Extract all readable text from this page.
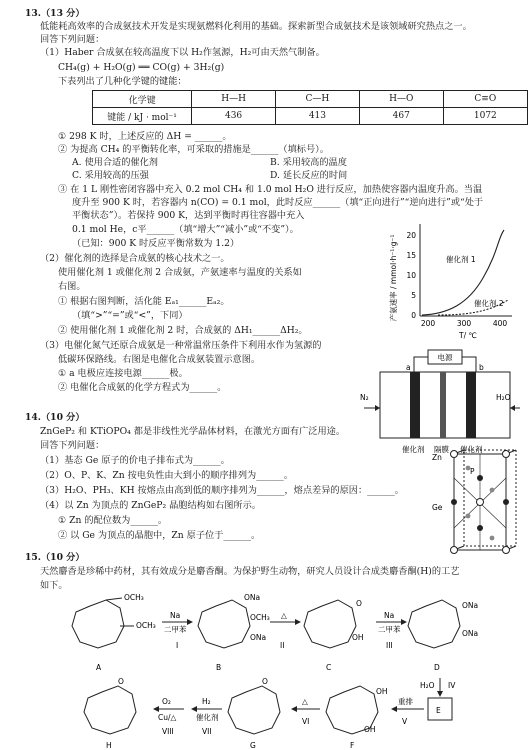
13.（13 分）
低能耗高效率的合成氨技术开发是实现氨燃料化利用的基础。探索新型合成氨技术是该领域研究热点之一。
回答下列问题：
（1）Haber 合成氨在较高温度下以 H₂作氢源，H₂可由天然气制备。
CH₄(g) + H₂O(g) ══ CO(g) + 3H₂(g)
下表列出了几种化学键的键能：
化学键	H—H	C—H	H—O	C≡O
键能 / kJ · mol⁻¹	436	413	467	1072
① 298 K 时，上述反应的 ΔH = ______。
② 为提高 CH₄ 的平衡转化率，可采取的措施是______（填标号）。
A. 使用合适的催化剂	B. 采用较高的温度
C. 采用较高的压强	D. 延长反应的时间
③ 在 1 L 刚性密闭容器中充入 0.2 mol CH₄ 和 1.0 mol H₂O 进行反应，加热使容器内温度升高。当温
度升至 900 K 时，若容器内 n(CO) = 0.1 mol，此时反应______（填“正向进行”“逆向进行”或“处于
平衡状态”）。若保持 900 K，达到平衡时再往容器中充入
0.1 mol He，c平______（填“增大”“减小”或“不变”）。
（已知：900 K 时反应平衡常数为 1.2）
（2）催化剂的选择是合成氨的核心技术之一。
使用催化剂 1 或催化剂 2 合成氨，产氨速率与温度的关系如
右图。
① 根据右图判断，活化能 Eₐ₁______Eₐ₂。
（填“>”“=”或“<”，下同）
② 使用催化剂 1 或催化剂 2 时，合成氨的 ΔH₁______ΔH₂。
（3）电催化氮气还原合成氨是一种常温常压条件下利用水作为氢源的
低碳环保路线。右图是电催化合成氨装置示意图。
① a 电极应连接电源______极。
② 电催化合成氨的化学方程式为______。
产氨速率 / mmol·h⁻¹·g⁻¹ 20
15
10
5
0
催化剂 1
催化剂 2
200	300	400
T/ ℃
电源
a	b
N₂	H₂O
催化剂 隔膜 催化剂
14.（10 分）
ZnGeP₂ 和 KTiOPO₄ 都是非线性光学晶体材料，在激光方面有广泛用途。
回答下列问题：
（1）基态 Ge 原子的价电子排布式为______。
（2）O、P、K、Zn 按电负性由大到小的顺序排列为______。
（3）H₂O、PH₃、KH 按熔点由高到低的顺序排列为______，熔点差异的原因：______。
（4）以 Zn 为顶点的 ZnGeP₂ 晶胞结构如右图所示。
① Zn 的配位数为______。
② 以 Ge 为顶点的晶胞中，Zn 原子位于______。
Zn
P
Ge
15.（10 分）
天然麝香是珍稀中药材，其有效成分是麝香酮。为保护野生动物，研究人员设计合成类麝香酮(H)的工艺
如下。
OCH₃
OCH₃
A
Na
二甲苯
I
ONa
OCH₃
ONa
B
△
II
O
OH
C
Na
二甲苯
III
ONa
ONa
D
H₂O IV
E
重排
V
OH
OH
F
△
VI
O
G
H₂
催化剂
VII
O₂
Cu/△
VIII
O
H
